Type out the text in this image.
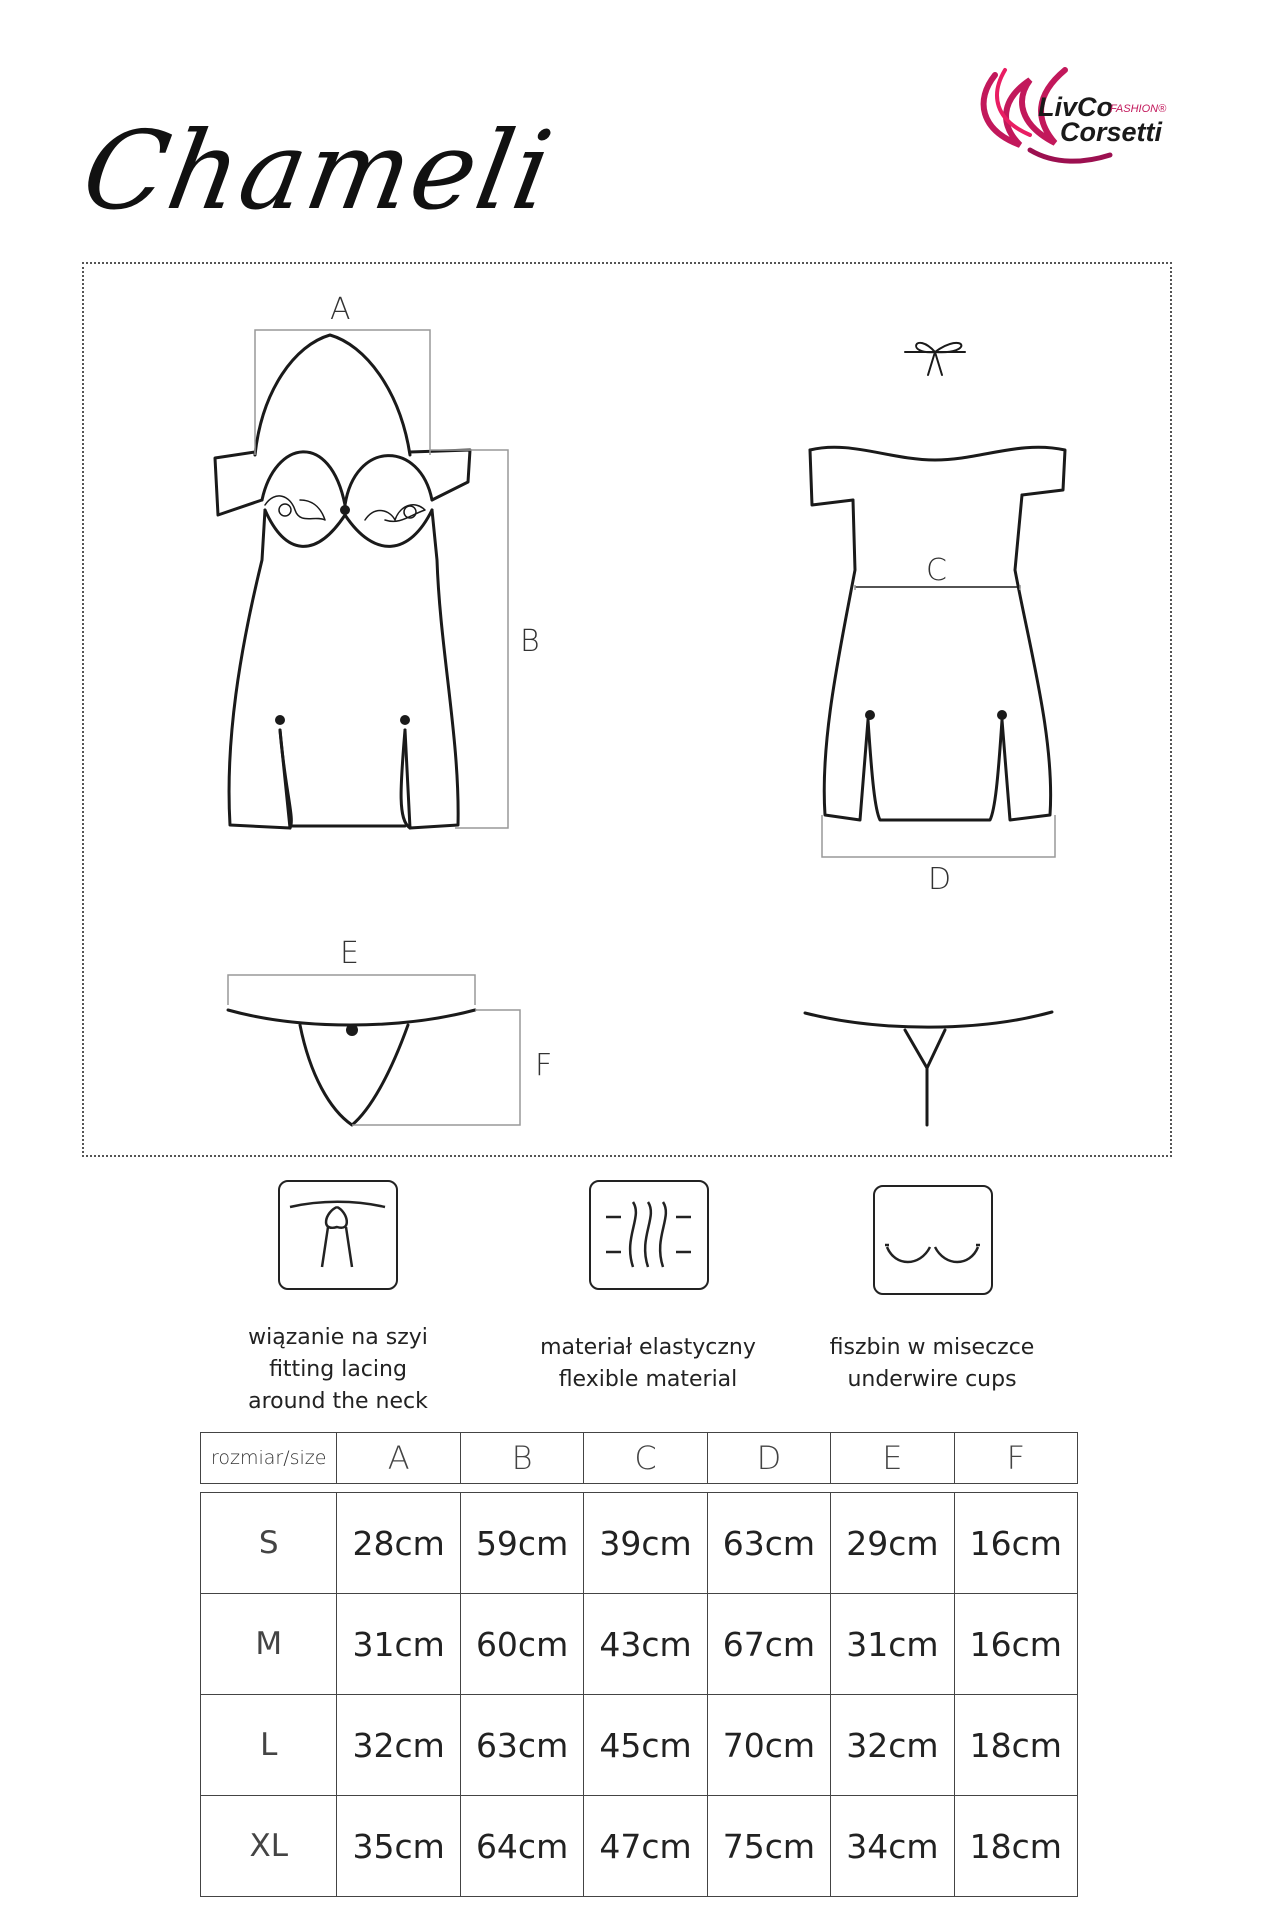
LivCo
FASHION®
Corsetti
Chameli
A
B
C
D
E
F
wiązanie na szyi
fitting lacing
around the neck
materiał elastyczny
flexible material
fiszbin w miseczce
underwire cups
rozmiar/size	A	B	C	D	E	F

S	28cm	59cm	39cm	63cm	29cm	16cm
M	31cm	60cm	43cm	67cm	31cm	16cm
L	32cm	63cm	45cm	70cm	32cm	18cm
XL	35cm	64cm	47cm	75cm	34cm	18cm
